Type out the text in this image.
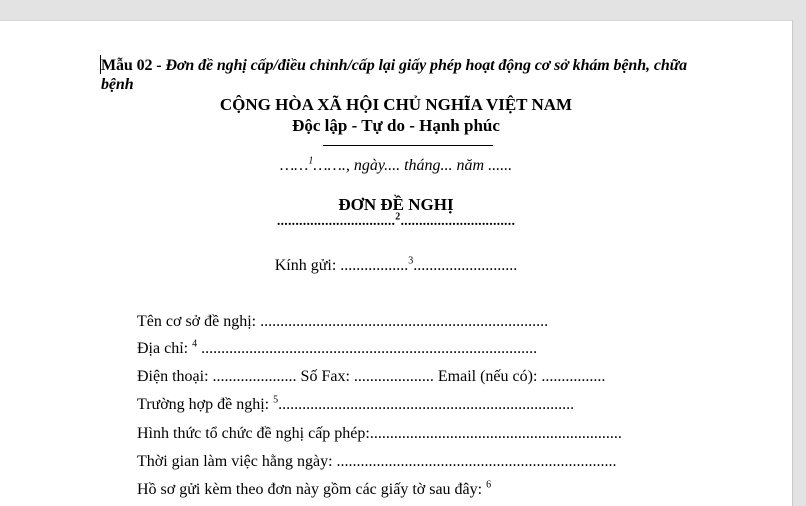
Mẫu 02 - Đơn đề nghị cấp/điều chỉnh/cấp lại giấy phép hoạt động cơ sở khám bệnh, chữa bệnh
CỘNG HÒA XÃ HỘI CHỦ NGHĨA VIỆT NAM
Độc lập - Tự do - Hạnh phúc
……$^1$……., ngày.... tháng... năm ......
ĐƠN ĐỀ NGHỊ
................................$^2$...............................
Kính gửi: .................$^3$..........................
Tên cơ sở đề nghị: ........................................................................
Địa chỉ: $^4$ ....................................................................................
Điện thoại: ..................... Số Fax: .................... Email (nếu có): ................
Trường hợp đề nghị: $^5$..........................................................................
Hình thức tổ chức đề nghị cấp phép:...............................................................
Thời gian làm việc hằng ngày: ......................................................................
Hồ sơ gửi kèm theo đơn này gồm các giấy tờ sau đây: $^6$
